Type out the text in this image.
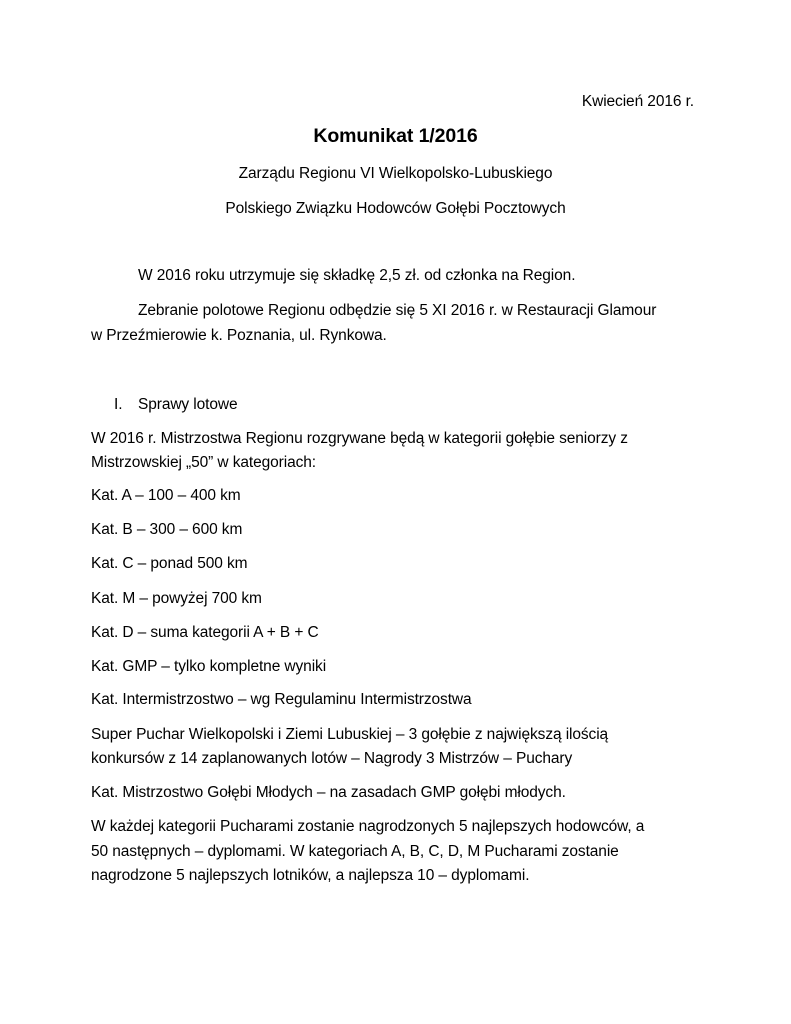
Kwiecień 2016 r.
Komunikat 1/2016
Zarządu Regionu VI Wielkopolsko-Lubuskiego
Polskiego Związku Hodowców Gołębi Pocztowych
W 2016 roku utrzymuje się składkę 2,5 zł. od członka na Region.
Zebranie polotowe Regionu odbędzie się 5 XI 2016 r. w Restauracji Glamour
w Przeźmierowie k. Poznania, ul. Rynkowa.
I. Sprawy lotowe
W 2016 r. Mistrzostwa Regionu rozgrywane będą w kategorii gołębie seniorzy z
Mistrzowskiej „50” w kategoriach:
Kat. A – 100 – 400 km
Kat. B – 300 – 600 km
Kat. C – ponad 500 km
Kat. M – powyżej 700 km
Kat. D – suma kategorii A + B + C
Kat. GMP – tylko kompletne wyniki
Kat. Intermistrzostwo – wg Regulaminu Intermistrzostwa
Super Puchar Wielkopolski i Ziemi Lubuskiej – 3 gołębie z największą ilością
konkursów z 14 zaplanowanych lotów – Nagrody 3 Mistrzów – Puchary
Kat. Mistrzostwo Gołębi Młodych – na zasadach GMP gołębi młodych.
W każdej kategorii Pucharami zostanie nagrodzonych 5 najlepszych hodowców, a
50 następnych – dyplomami. W kategoriach A, B, C, D, M Pucharami zostanie
nagrodzone 5 najlepszych lotników, a najlepsza 10 – dyplomami.
